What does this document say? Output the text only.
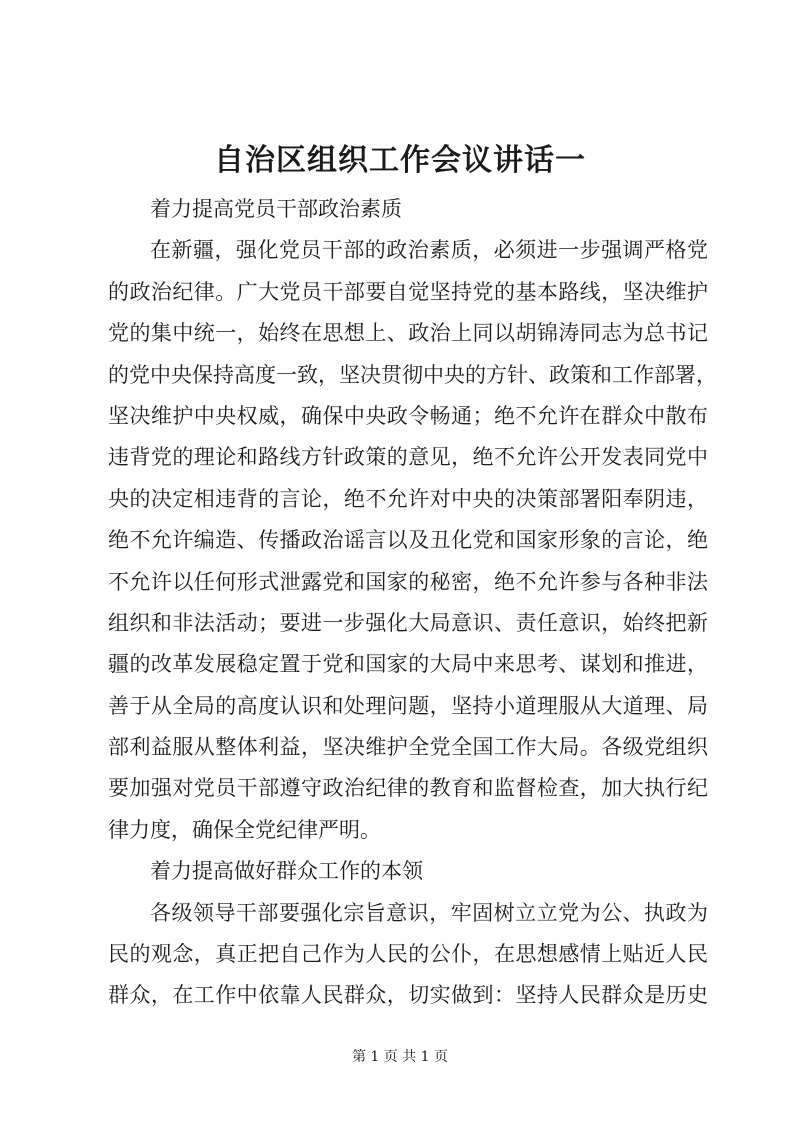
自治区组织工作会议讲话一
着力提高党员干部政治素质
在新疆，强化党员干部的政治素质，必须进一步强调严格党
的政治纪律。广大党员干部要自觉坚持党的基本路线，坚决维护
党的集中统一，始终在思想上、政治上同以胡锦涛同志为总书记
的党中央保持高度一致，坚决贯彻中央的方针、政策和工作部署，
坚决维护中央权威，确保中央政令畅通；绝不允许在群众中散布
违背党的理论和路线方针政策的意见，绝不允许公开发表同党中
央的决定相违背的言论，绝不允许对中央的决策部署阳奉阴违，
绝不允许编造、传播政治谣言以及丑化党和国家形象的言论，绝
不允许以任何形式泄露党和国家的秘密，绝不允许参与各种非法
组织和非法活动；要进一步强化大局意识、责任意识，始终把新
疆的改革发展稳定置于党和国家的大局中来思考、谋划和推进，
善于从全局的高度认识和处理问题，坚持小道理服从大道理、局
部利益服从整体利益，坚决维护全党全国工作大局。各级党组织
要加强对党员干部遵守政治纪律的教育和监督检查，加大执行纪
律力度，确保全党纪律严明。
着力提高做好群众工作的本领
各级领导干部要强化宗旨意识，牢固树立立党为公、执政为
民的观念，真正把自己作为人民的公仆，在思想感情上贴近人民
群众，在工作中依靠人民群众，切实做到：坚持人民群众是历史
第 1 页 共 1 页
